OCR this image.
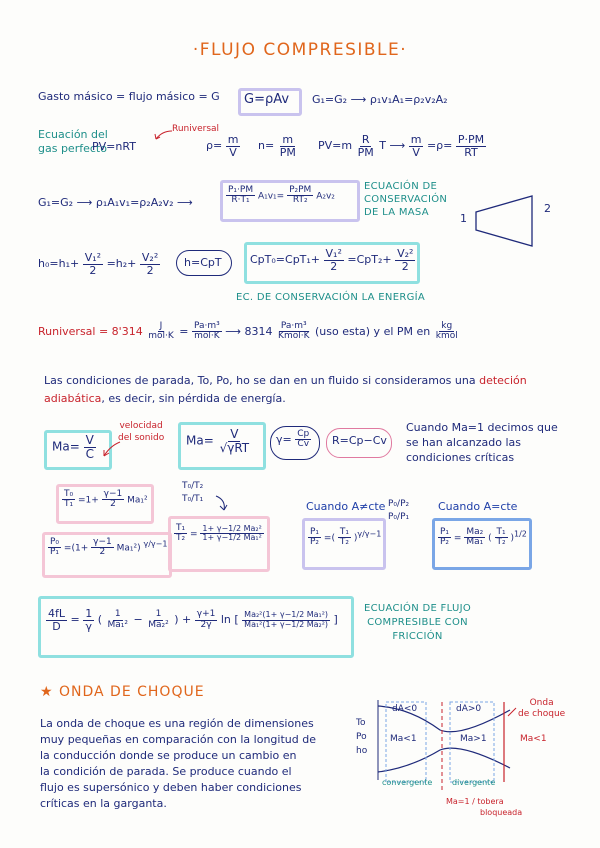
·FLUJO COMPRESIBLE·
Gasto másico = flujo másico = G G=ρAv G₁=G₂ ⟶ ρ₁v₁A₁=ρ₂v₂A₂
Ecuación del
gas perfecto
Runiversal
PV=nRT	$\rho= \frac{m}{V} n= \frac{m}{PM} PV=m \frac{R}{PM}$ T ⟶ $\frac{m}{V} =\rho= \frac{P\cdot PM}{RT}$
G₁=G₂ ⟶ ρ₁A₁v₁=ρ₂A₂v₂ ⟶	$\frac{\text{P₁·PM}}{\text{R·T₁}} A_1v_1= \frac{\text{P₂PM}}{\text{RT₂}} A_2v_2$
ECUACIÓN DE
CONSERVACIÓN
DE LA MASA	1
2
$h_0=h_1+ \frac{\text{V₁²}}{2} =h_2+ \frac{\text{V₂²}}{2} h=CpT$	$CpT_0=CpT_1+ \frac{\text{V₁²}}{2} =CpT_2+ \frac{\text{V₂²}}{2}$
EC. DE CONSERVACIÓN LA ENERGÍA
Runiversal = $8'314 \frac{J}{\text{mol·K}} = \frac{\text{Pa·m³}}{\text{mol·K}}$ ⟶ $8314 \frac{\text{Pa·m³}}{\text{Kmol·K}} (uso$ esta) y el PM en $\frac{kg}{\text{kmol}}$
Las condiciones de parada, To, Po, ho se dan en un fluido si consideramos una deteción
adiabática, es decir, sin pérdida de energía.
$Ma= \frac{V}{C}$
velocidad
del sonido $Ma= \frac{V}{\text{√γRT}} \gamma= \frac{Cp}{Cv} R=Cp-Cv$
Cuando Ma=1 decimos que
se han alcanzado las
condiciones críticas
$\frac{\text{T₀}}{\text{T₁}} =1+ \frac{\gamma-1}{2} Ma_1^2$
T₀/T₂
T₀/T₁
$\frac{\text{P₀}}{\text{P₁}} =(1+ \frac{\gamma-1}{2} Ma_1^2)$ $^{\gamma/\gamma-1}$
$\frac{\text{T₁}}{\text{T₂}} = \frac{\text{1+ γ−1/2 Ma₂²}}{\text{1+ γ−1/2 Ma₁²}}$
Cuando A≠cte P₀/P₂
P₀/P₁
Cuando A=cte
$\frac{\text{P₁}}{\text{P₂}}$ =( $\frac{\text{T₁}}{\text{T₂}} )^{\gamma/\gamma-1}$	$\frac{\text{P₁}}{\text{P₂}} = \frac{\text{Ma₂}}{\text{Ma₁}}$ ( $\frac{\text{T₁}}{\text{T₂}} )^{1/2}$
$\frac{4fL}{D} = \frac{1}{\gamma}$ ( $\frac{1}{\text{Ma₁²}} - \frac{1}{\text{Ma₂²}}$ ) + $\frac{\gamma+1}{2\gamma}$ ln [ $\frac{\text{Ma₂²(1+ γ−1/2 Ma₁²)}}{\text{Ma₁²(1+ γ−1/2 Ma₂²)}}$ ]
ECUACIÓN DE FLUJO
COMPRESIBLE CON
FRICCIÓN
★ ONDA DE CHOQUE
La onda de choque es una región de dimensiones
muy pequeñas en comparación con la longitud de
la conducción donde se produce un cambio en
la condición de parada. Se produce cuando el
flujo es supersónico y deben haber condiciones
críticas en la garganta.
To
Po
ho
dA<0	dA>0
Ma<1	Ma>1	Ma<1
Onda
de choque
convergente divergente
Ma=1 / tobera
bloqueada
